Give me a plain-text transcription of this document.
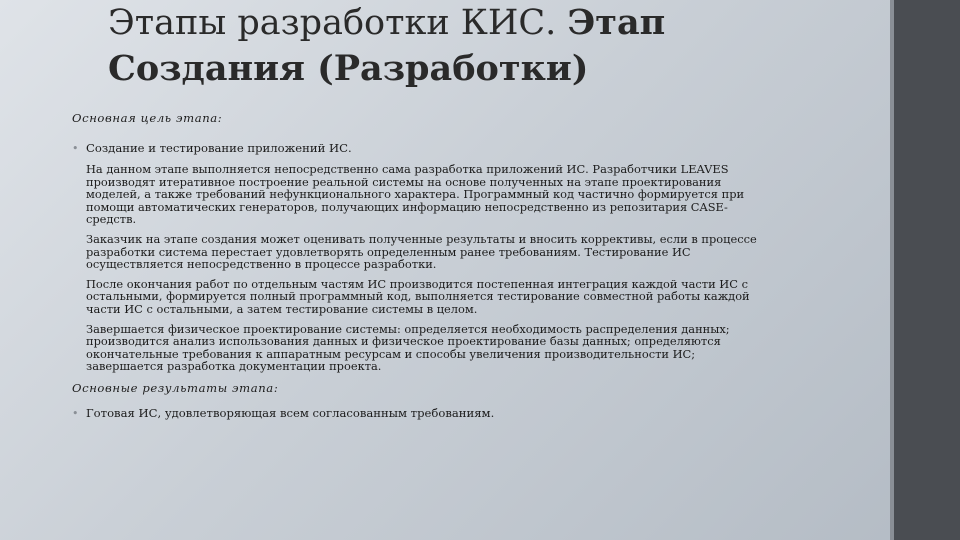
Этапы разработки КИС. Этап
Создания (Разработки)

Основная цель этапа:

• Создание и тестирование приложений ИС.

На данном этапе выполняется непосредственно сама разработка приложений ИС. Разработчики LEAVES производят итеративное построение реальной системы на основе полученных на этапе проектирования моделей, а также требований нефункционального характера. Программный код частично формируется при помощи автоматических генераторов, получающих информацию непосредственно из репозитария CASE-средств.

Заказчик на этапе создания может оценивать полученные результаты и вносить коррективы, если в процессе разработки система перестает удовлетворять определенным ранее требованиям. Тестирование ИС осуществляется непосредственно в процессе разработки.

После окончания работ по отдельным частям ИС производится постепенная интеграция каждой части ИС с остальными, формируется полный программный код, выполняется тестирование совместной работы каждой части ИС с остальными, а затем тестирование системы в целом.

Завершается физическое проектирование системы: определяется необходимость распределения данных; производится анализ использования данных и физическое проектирование базы данных; определяются окончательные требования к аппаратным ресурсам и способы увеличения производительности ИС; завершается разработка документации проекта.

Основные результаты этапа:

• Готовая ИС, удовлетворяющая всем согласованным требованиям.
